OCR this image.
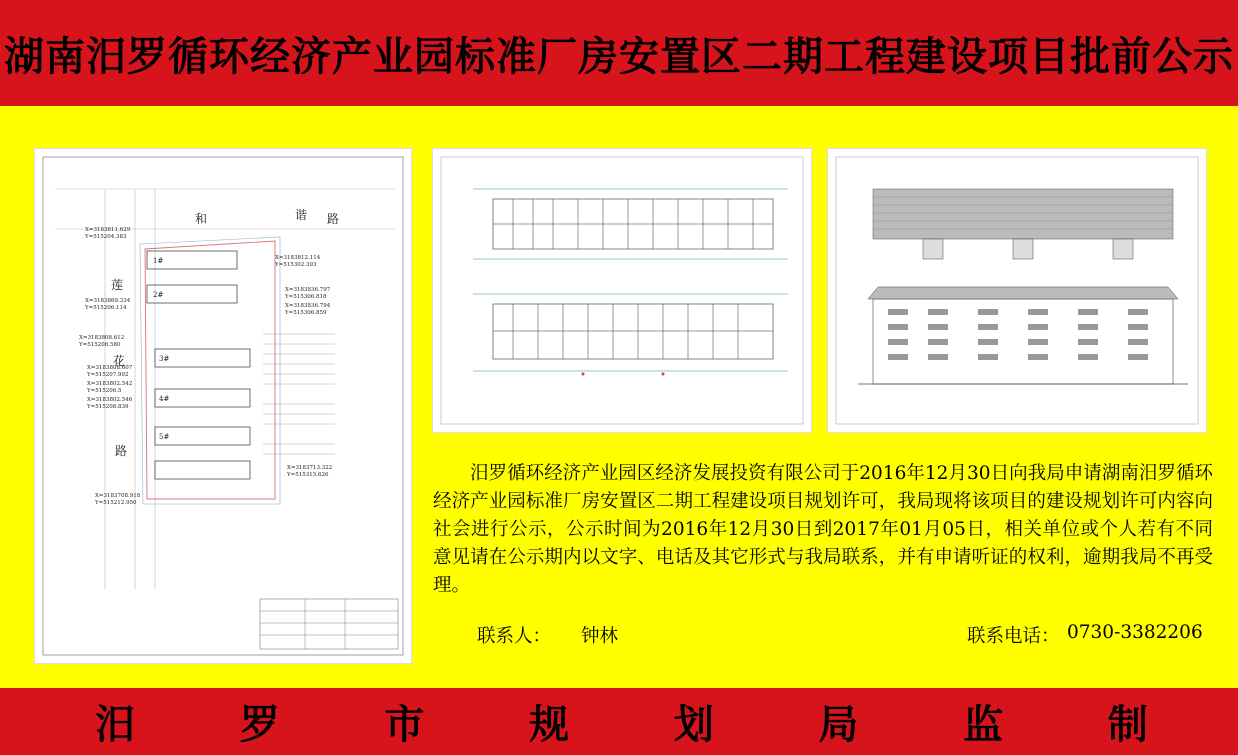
湖南汨罗循环经济产业园标准厂房安置区二期工程建设项目批前公示
1#
2#
3#
4#
5#
和	谐 路
莲
花
路
X=3183811.629
Y=515204.383
X=3183812.114
Y=515302.393
X=3183869.334
Y=515206.114
X=3183836.797
Y=515306.818
X=3183836.794
Y=515306.859
X=3183808.612
Y=515208.580
X=3183808.607
Y=515207.992
X=3183802.542
Y=515206.5
X=3183802.546
Y=515208.839
X=3183713.322
Y=515315.626
X=3183708.918
Y=515212.950
汨罗循环经济产业园区经济发展投资有限公司于2016年12月30日向我局申请湖南汨罗循环经济产业园标准厂房安置区二期工程建设项目规划许可，我局现将该项目的建设规划许可内容向社会进行公示，公示时间为2016年12月30日到2017年01月05日，相关单位或个人若有不同意见请在公示期内以文字、电话及其它形式与我局联系，并有申请听证的权利，逾期我局不再受理。
联系人： 钟林	联系电话： 0730-3382206
汨	罗	市	规	划	局	监	制
